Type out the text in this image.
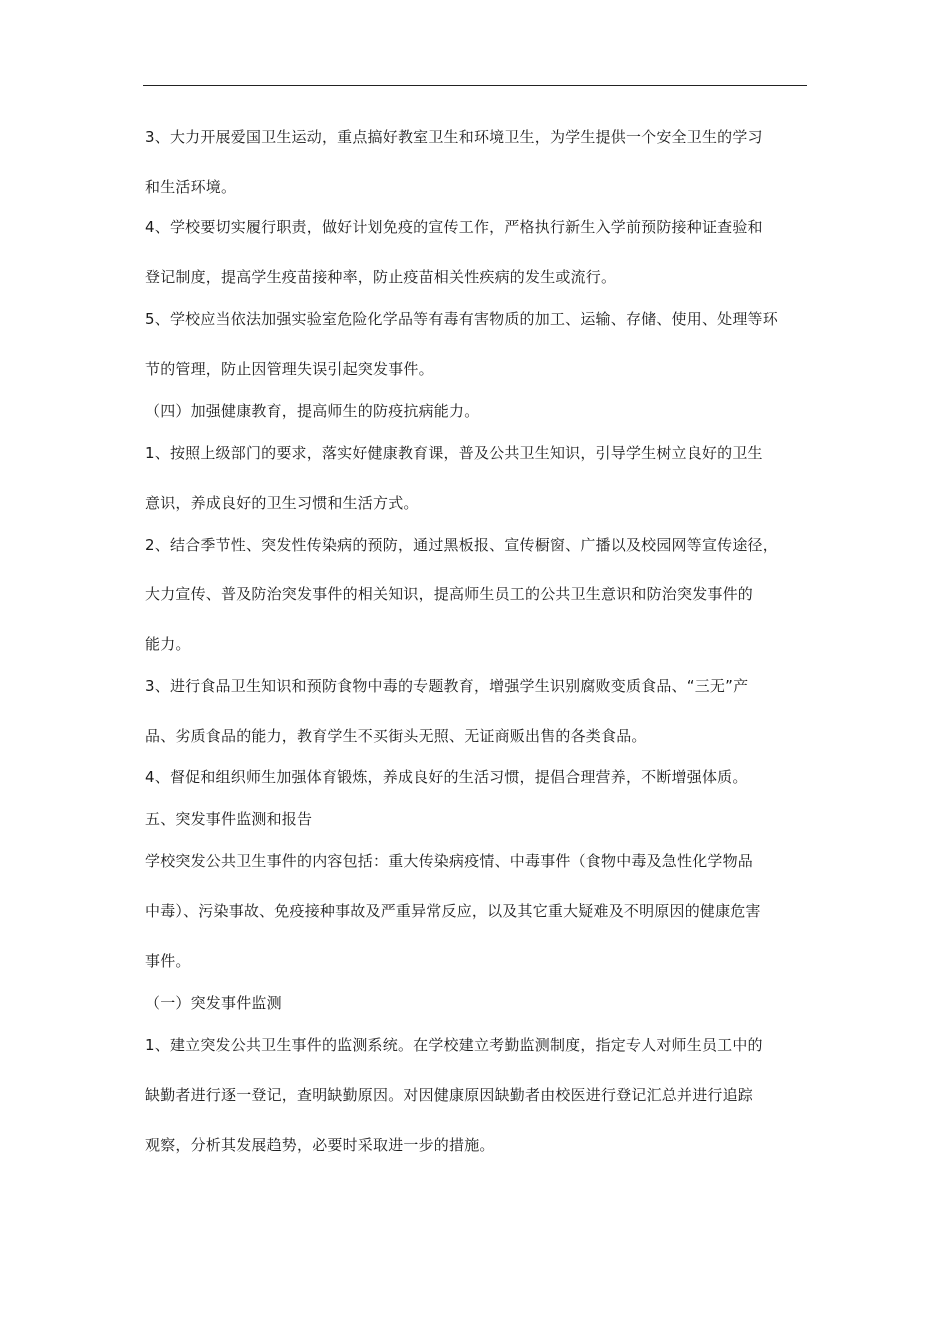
3、大力开展爱国卫生运动，重点搞好教室卫生和环境卫生，为学生提供一个安全卫生的学习
和生活环境。
4、学校要切实履行职责，做好计划免疫的宣传工作，严格执行新生入学前预防接种证查验和
登记制度，提高学生疫苗接种率，防止疫苗相关性疾病的发生或流行。
5、学校应当依法加强实验室危险化学品等有毒有害物质的加工、运输、存储、使用、处理等环
节的管理，防止因管理失误引起突发事件。
（四）加强健康教育，提高师生的防疫抗病能力。
1、按照上级部门的要求，落实好健康教育课，普及公共卫生知识，引导学生树立良好的卫生
意识，养成良好的卫生习惯和生活方式。
2、结合季节性、突发性传染病的预防，通过黑板报、宣传橱窗、广播以及校园网等宣传途径，
大力宣传、普及防治突发事件的相关知识，提高师生员工的公共卫生意识和防治突发事件的
能力。
3、进行食品卫生知识和预防食物中毒的专题教育，增强学生识别腐败变质食品、“三无”产
品、劣质食品的能力，教育学生不买街头无照、无证商贩出售的各类食品。
4、督促和组织师生加强体育锻炼，养成良好的生活习惯，提倡合理营养，不断增强体质。
五、突发事件监测和报告
学校突发公共卫生事件的内容包括：重大传染病疫情、中毒事件（食物中毒及急性化学物品
中毒）、污染事故、免疫接种事故及严重异常反应，以及其它重大疑难及不明原因的健康危害
事件。
（一）突发事件监测
1、建立突发公共卫生事件的监测系统。在学校建立考勤监测制度，指定专人对师生员工中的
缺勤者进行逐一登记，查明缺勤原因。对因健康原因缺勤者由校医进行登记汇总并进行追踪
观察，分析其发展趋势，必要时采取进一步的措施。
